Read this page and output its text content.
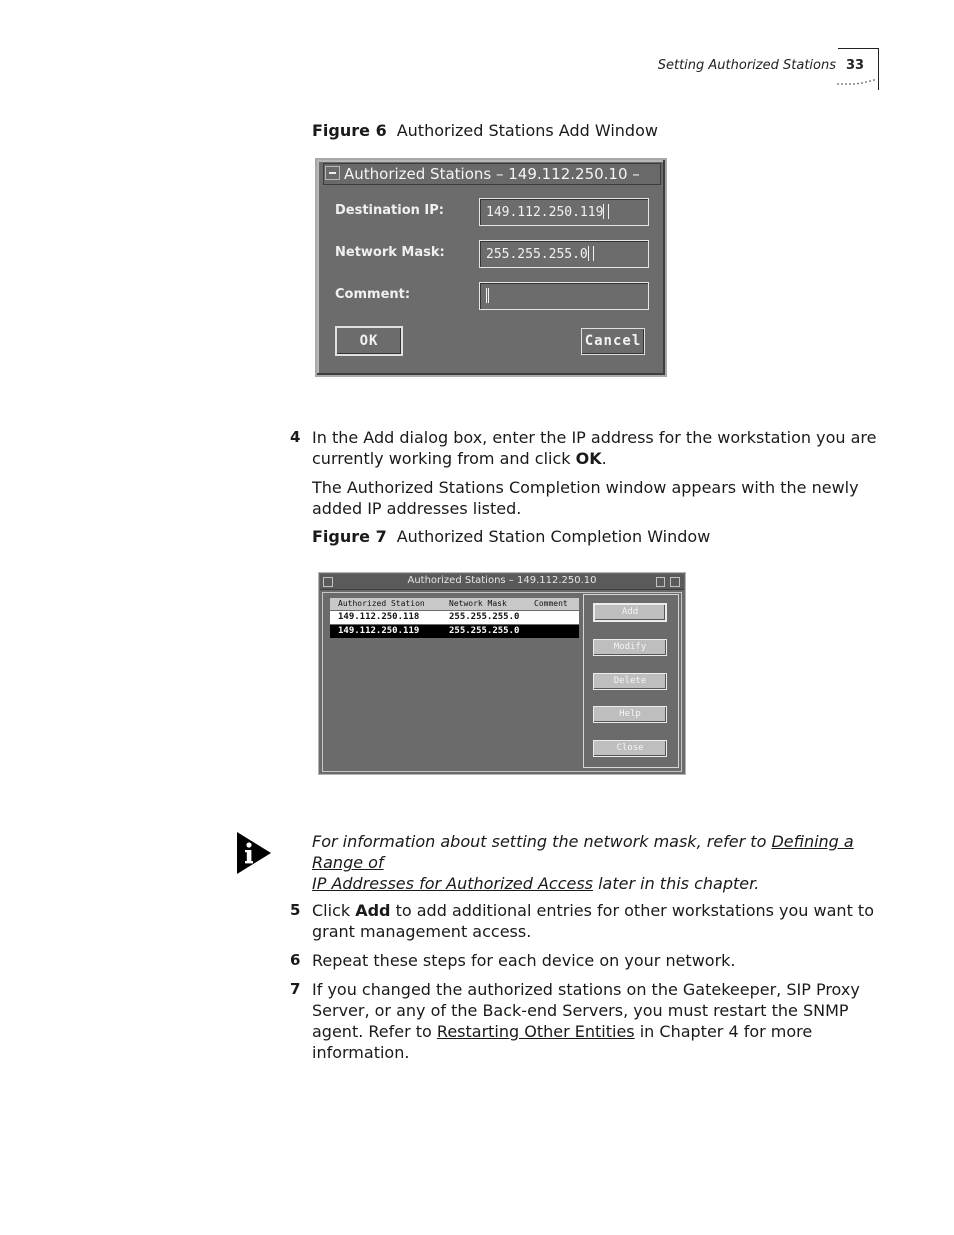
Setting Authorized Stations 33
Figure 6 Authorized Stations Add Window
Authorized Stations – 149.112.250.10 –
Destination IP:	149.112.250.119
Network Mask:	255.255.255.0
Comment:
OK	Cancel
4 In the Add dialog box, enter the IP address for the workstation you are currently working from and click OK.
The Authorized Stations Completion window appears with the newly added IP addresses listed.
Figure 7 Authorized Station Completion Window
Authorized Stations – 149.112.250.10
Authorized Station	Network Mask	Comment
149.112.250.118	255.255.255.0
149.112.250.119	255.255.255.0
Add
Modify
Delete
Help
Close
For information about setting the network mask, refer to Defining a Range of
IP Addresses for Authorized Access later in this chapter.
5 Click Add to add additional entries for other workstations you want to grant management access.
6 Repeat these steps for each device on your network.
7 If you changed the authorized stations on the Gatekeeper, SIP Proxy Server, or any of the Back-end Servers, you must restart the SNMP agent. Refer to Restarting Other Entities in Chapter 4 for more information.
